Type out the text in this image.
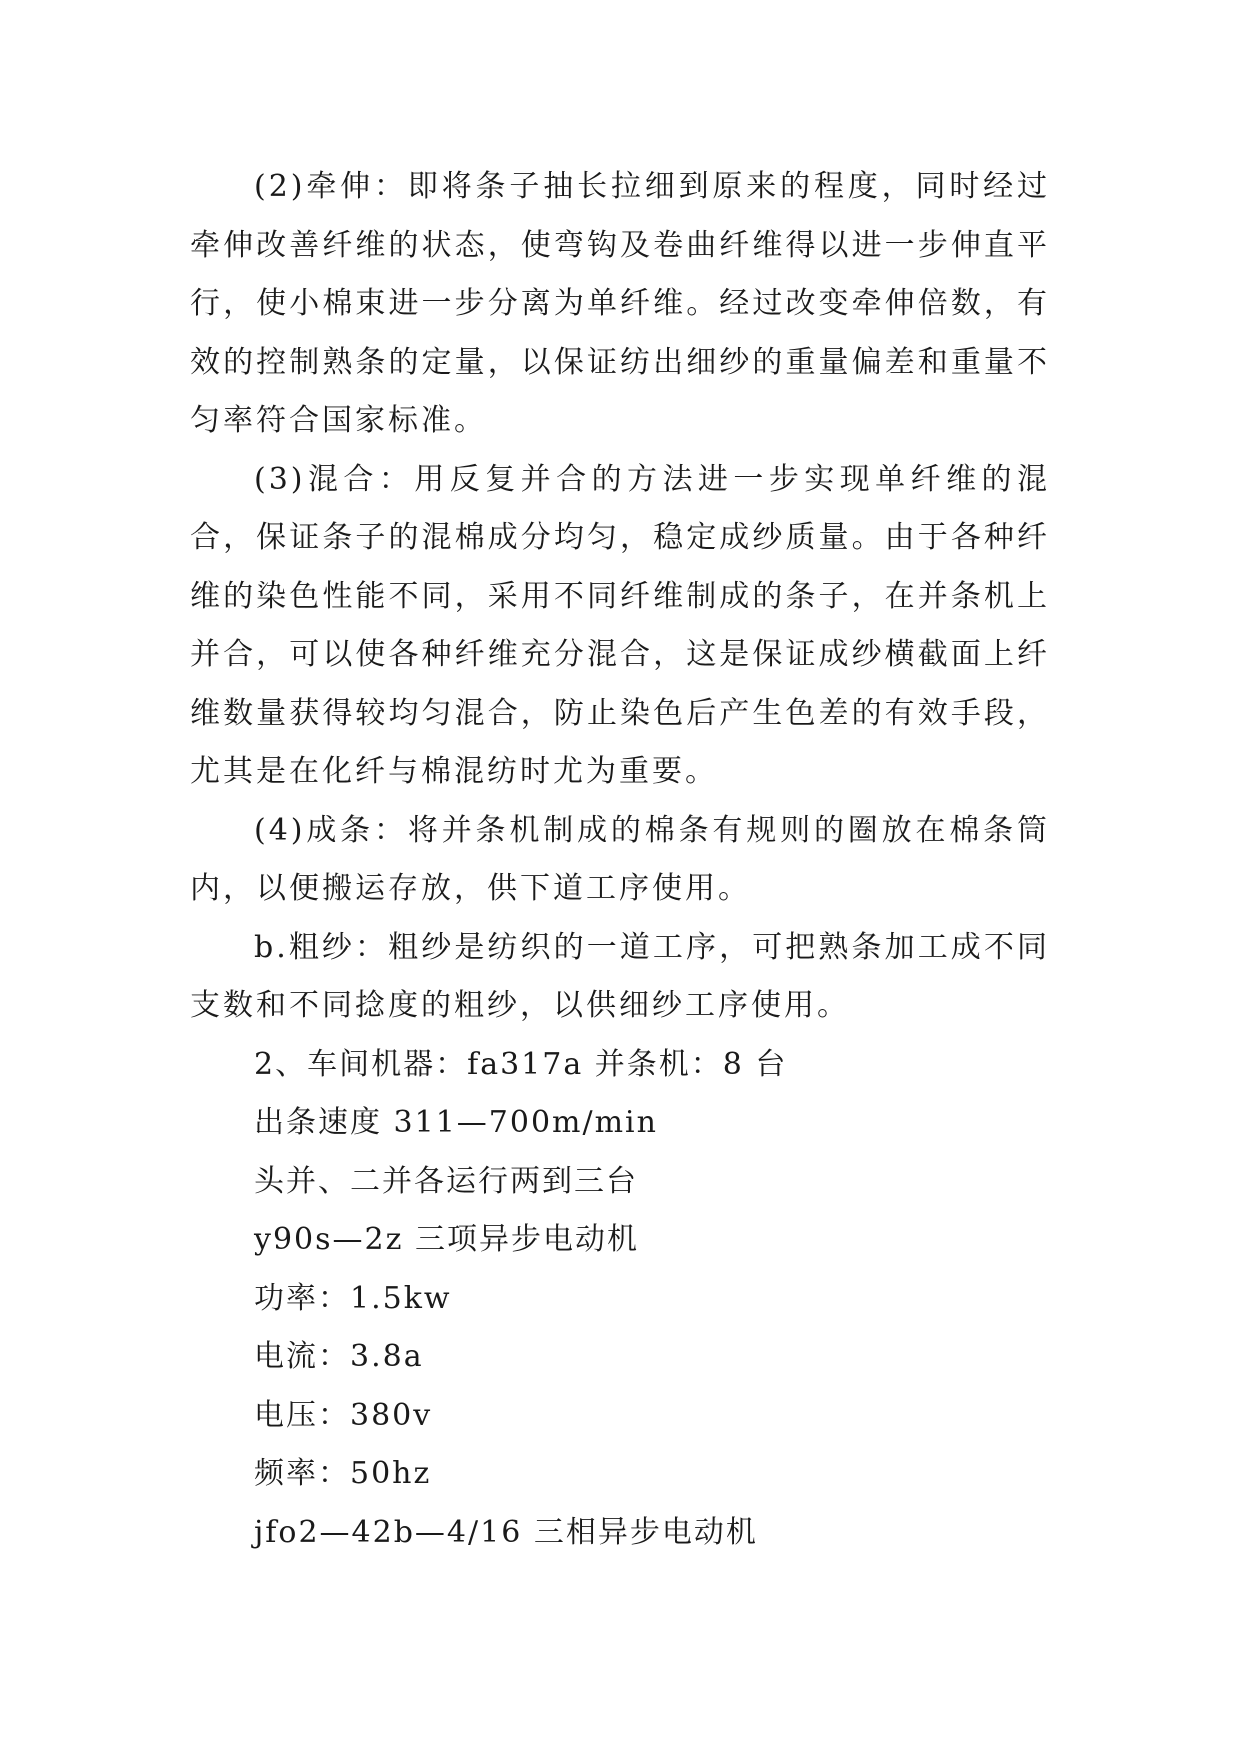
(2)牵伸：即将条子抽长拉细到原来的程度，同时经过牵伸改善纤维的状态，使弯钩及卷曲纤维得以进一步伸直平行，使小棉束进一步分离为单纤维。经过改变牵伸倍数，有效的控制熟条的定量，以保证纺出细纱的重量偏差和重量不匀率符合国家标准。

(3)混合：用反复并合的方法进一步实现单纤维的混合，保证条子的混棉成分均匀，稳定成纱质量。由于各种纤维的染色性能不同，采用不同纤维制成的条子，在并条机上并合，可以使各种纤维充分混合，这是保证成纱横截面上纤维数量获得较均匀混合，防止染色后产生色差的有效手段，尤其是在化纤与棉混纺时尤为重要。

(4)成条：将并条机制成的棉条有规则的圈放在棉条筒内，以便搬运存放，供下道工序使用。

b.粗纱：粗纱是纺织的一道工序，可把熟条加工成不同支数和不同捻度的粗纱，以供细纱工序使用。

2、车间机器：fa317a 并条机：8 台

出条速度 311—700m/min

头并、二并各运行两到三台

y90s—2z 三项异步电动机

功率：1.5kw

电流：3.8a

电压：380v

频率：50hz

jfo2—42b—4/16 三相异步电动机
